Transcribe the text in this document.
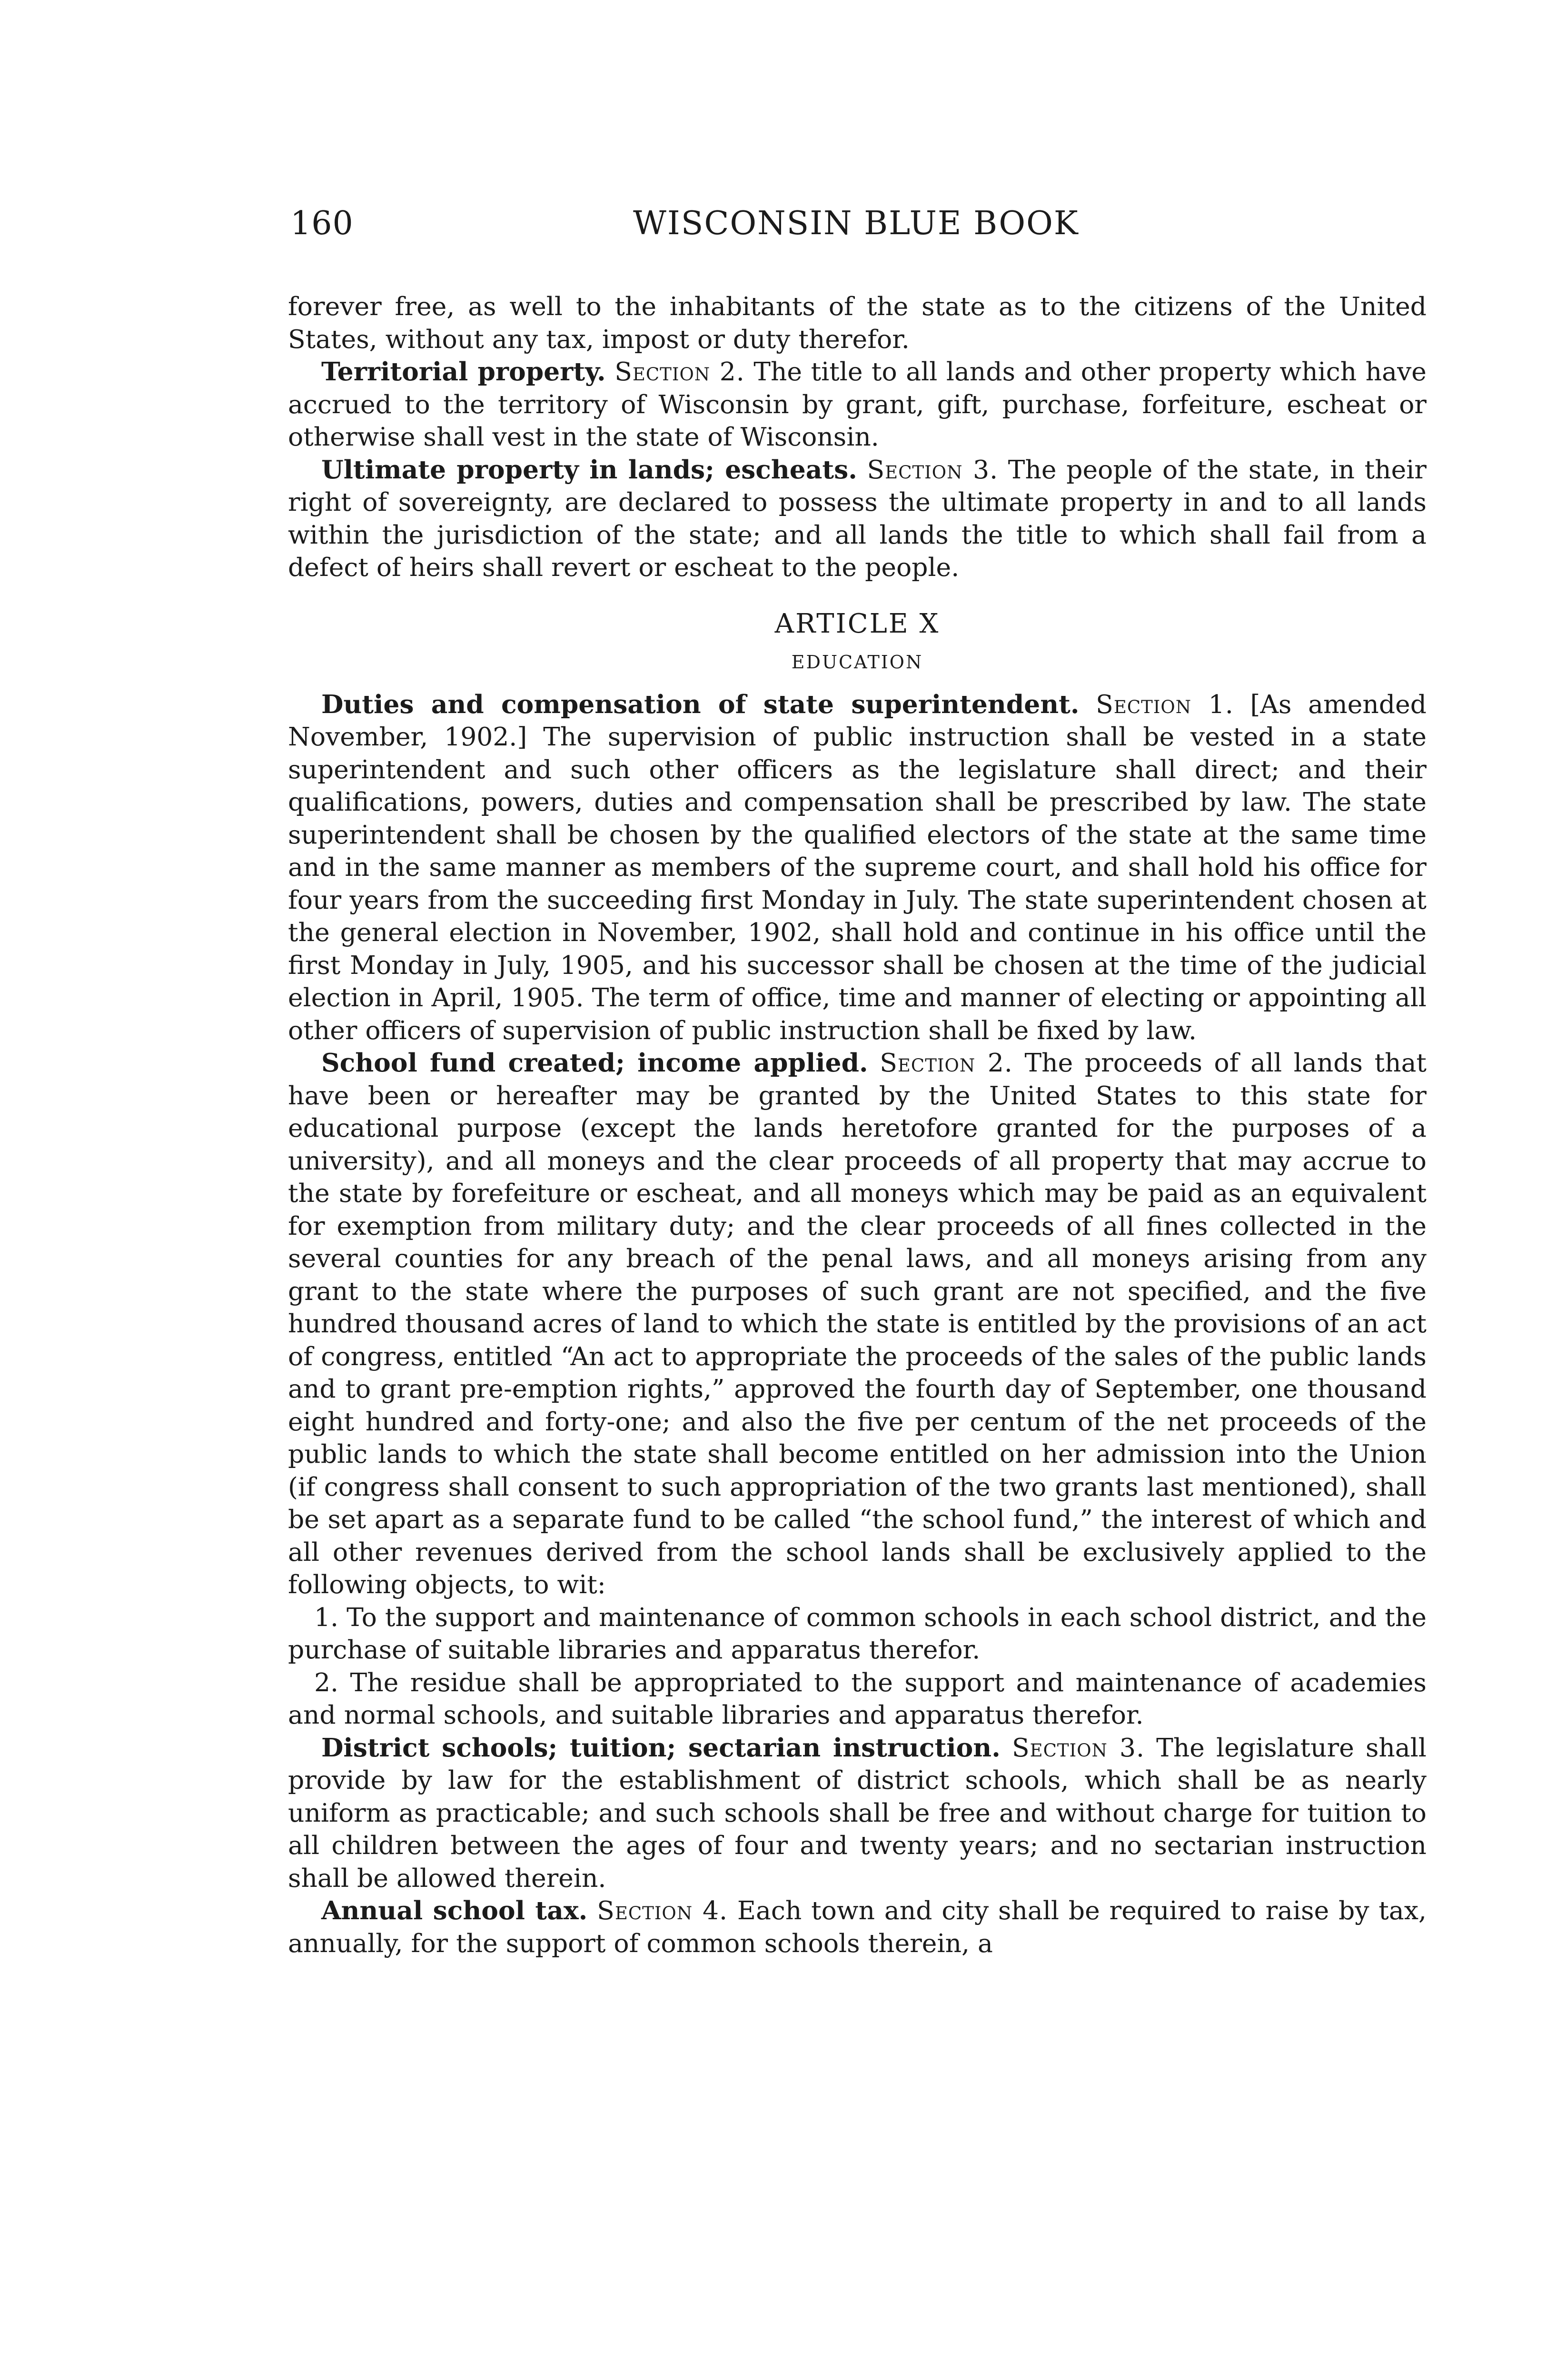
160	WISCONSIN BLUE BOOK

forever free, as well to the inhabitants of the state as to the citizens of the United States, without any tax, impost or duty therefor.

Territorial property. Section 2. The title to all lands and other property which have accrued to the territory of Wisconsin by grant, gift, purchase, forfeiture, escheat or otherwise shall vest in the state of Wisconsin.

Ultimate property in lands; escheats. Section 3. The people of the state, in their right of sovereignty, are declared to possess the ultimate property in and to all lands within the jurisdiction of the state; and all lands the title to which shall fail from a defect of heirs shall revert or escheat to the people.

ARTICLE X
EDUCATION

Duties and compensation of state superintendent. Section 1. [As amended November, 1902.] The supervision of public instruction shall be vested in a state superintendent and such other officers as the legislature shall direct; and their qualifications, powers, duties and compensation shall be prescribed by law. The state superintendent shall be chosen by the qualified electors of the state at the same time and in the same manner as members of the supreme court, and shall hold his office for four years from the succeeding first Monday in July. The state superintendent chosen at the general election in November, 1902, shall hold and continue in his office until the first Monday in July, 1905, and his successor shall be chosen at the time of the judicial election in April, 1905. The term of office, time and manner of electing or appointing all other officers of supervision of public instruction shall be fixed by law.

School fund created; income applied. Section 2. The proceeds of all lands that have been or hereafter may be granted by the United States to this state for educational purpose (except the lands heretofore granted for the purposes of a university), and all moneys and the clear proceeds of all property that may accrue to the state by forefeiture or escheat, and all moneys which may be paid as an equivalent for exemption from military duty; and the clear proceeds of all fines collected in the several counties for any breach of the penal laws, and all moneys arising from any grant to the state where the purposes of such grant are not specified, and the five hundred thousand acres of land to which the state is entitled by the provisions of an act of congress, entitled “An act to appropriate the proceeds of the sales of the public lands and to grant pre-emption rights,” approved the fourth day of September, one thousand eight hundred and forty-one; and also the five per centum of the net proceeds of the public lands to which the state shall become entitled on her admission into the Union (if congress shall consent to such appropriation of the two grants last mentioned), shall be set apart as a separate fund to be called “the school fund,” the interest of which and all other revenues derived from the school lands shall be exclusively applied to the following objects, to wit:

1. To the support and maintenance of common schools in each school district, and the purchase of suitable libraries and apparatus therefor.

2. The residue shall be appropriated to the support and maintenance of academies and normal schools, and suitable libraries and apparatus therefor.

District schools; tuition; sectarian instruction. Section 3. The legislature shall provide by law for the establishment of district schools, which shall be as nearly uniform as practicable; and such schools shall be free and without charge for tuition to all children between the ages of four and twenty years; and no sectarian instruction shall be allowed therein.

Annual school tax. Section 4. Each town and city shall be required to raise by tax, annually, for the support of common schools therein, a
